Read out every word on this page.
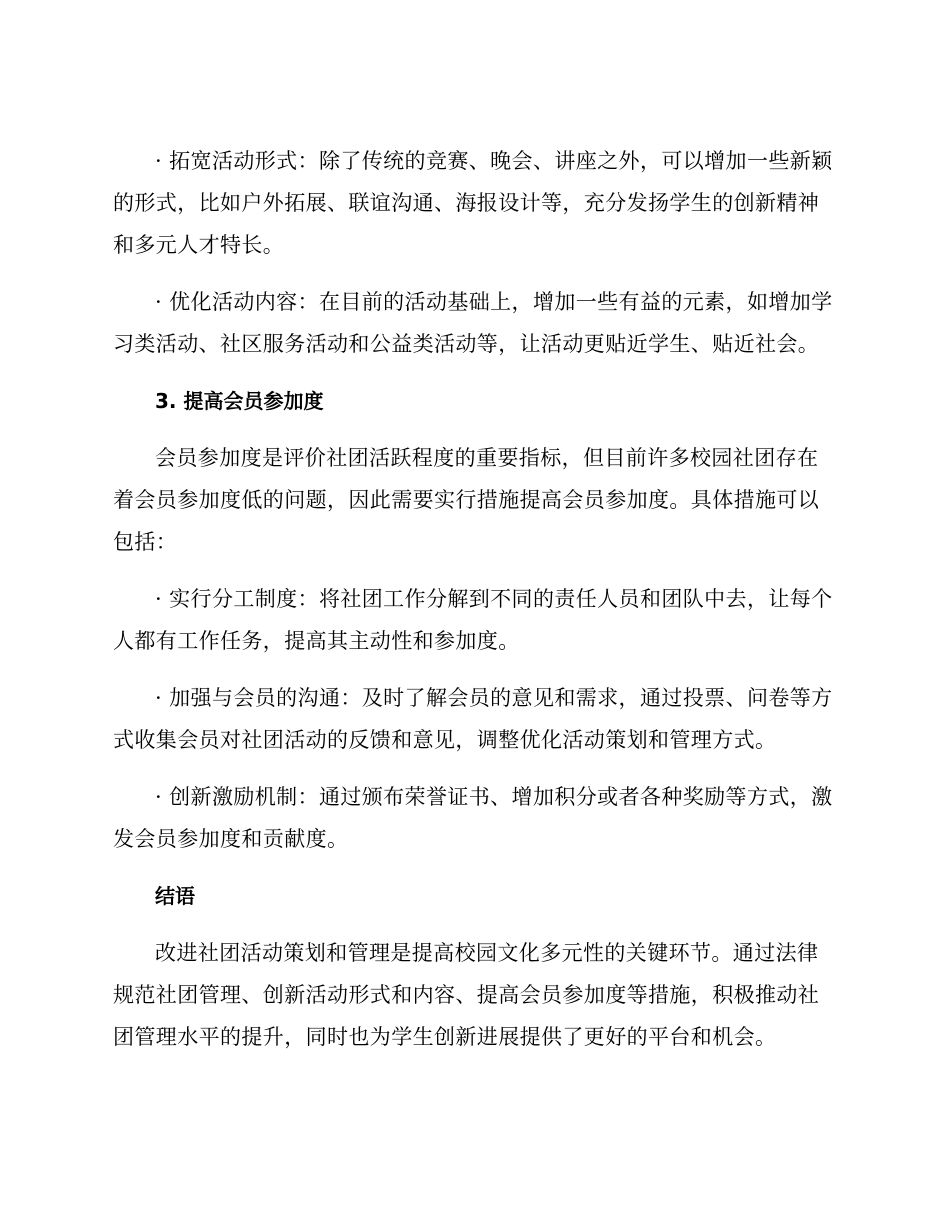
· 拓宽活动形式：除了传统的竞赛、晚会、讲座之外，可以增加一些新颖的形式，比如户外拓展、联谊沟通、海报设计等，充分发扬学生的创新精神和多元人才特长。

· 优化活动内容：在目前的活动基础上，增加一些有益的元素，如增加学习类活动、社区服务活动和公益类活动等，让活动更贴近学生、贴近社会。

3. 提高会员参加度

会员参加度是评价社团活跃程度的重要指标，但目前许多校园社团存在着会员参加度低的问题，因此需要实行措施提高会员参加度。具体措施可以包括：

· 实行分工制度：将社团工作分解到不同的责任人员和团队中去，让每个人都有工作任务，提高其主动性和参加度。

· 加强与会员的沟通：及时了解会员的意见和需求，通过投票、问卷等方式收集会员对社团活动的反馈和意见，调整优化活动策划和管理方式。

· 创新激励机制：通过颁布荣誉证书、增加积分或者各种奖励等方式，激发会员参加度和贡献度。

结语

改进社团活动策划和管理是提高校园文化多元性的关键环节。通过法律规范社团管理、创新活动形式和内容、提高会员参加度等措施，积极推动社团管理水平的提升，同时也为学生创新进展提供了更好的平台和机会。
